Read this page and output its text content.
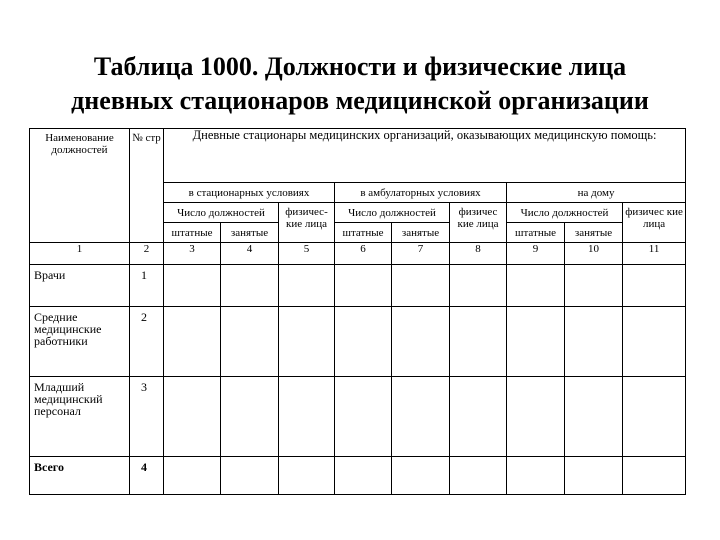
Таблица 1000. Должности и физические лица
дневных стационаров медицинской организации
Наименование должностей	№ стр	Дневные стационары медицинских организаций, оказывающих медицинскую помощь:								
		в стационарных условиях			в амбулаторных условиях			на дому		
		Число должностей		физичес-кие лица	Число должностей		физичес кие лица	Число должностей		физичес кие лица
		штатные	занятые		штатные	занятые		штатные	занятые	
1	2	3	4	5	6	7	8	9	10	11
Врачи	1									
Средние медицинские работники	2									
Младший медицинский персонал	3									
Всего	4									
